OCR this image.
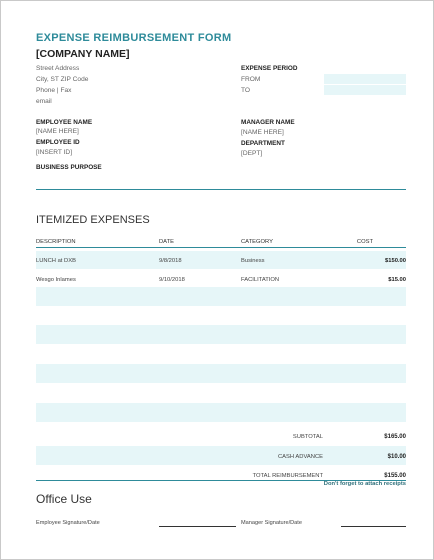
EXPENSE REIMBURSEMENT FORM
[COMPANY NAME]
Street Address
City, ST ZIP Code
Phone | Fax
email
EXPENSE PERIOD
FROM
TO
EMPLOYEE NAME
[NAME HERE]
EMPLOYEE ID
[INSERT ID]
MANAGER NAME
[NAME HERE]
DEPARTMENT
[DEPT]
BUSINESS PURPOSE
ITEMIZED EXPENSES
DESCRIPTION	DATE	CATEGORY	COST
LUNCH at DXB	9/8/2018	Business	$150.00
Wesgo Inlames	9/10/2018	FACILITATION	$15.00
SUBTOTAL	$165.00
CASH ADVANCE	$10.00
TOTAL REIMBURSEMENT	$155.00
Don't forget to attach receipts
Office Use
Employee Signature/Date	Manager Signature/Date
